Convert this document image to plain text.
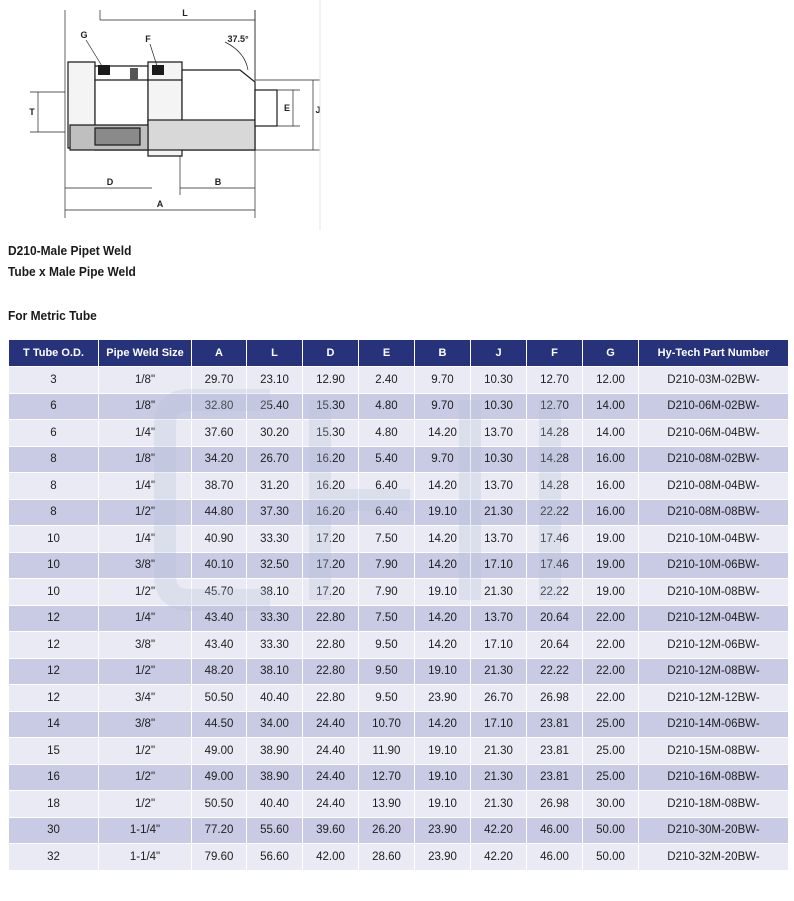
L
G	F	37.5°
T	E	J
D	B
A
D210-Male Pipet Weld
Tube x Male Pipe Weld
For Metric Tube
T Tube O.D.	Pipe Weld Size	A	L	D	E	B	J	F	G	Hy-Tech Part Number
3	1/8"	29.70	23.10	12.90	2.40	9.70	10.30	12.70	12.00	D210-03M-02BW-
6	1/8"	32.80	25.40	15.30	4.80	9.70	10.30	12.70	14.00	D210-06M-02BW-
6	1/4"	37.60	30.20	15.30	4.80	14.20	13.70	14.28	14.00	D210-06M-04BW-
8	1/8"	34.20	26.70	16.20	5.40	9.70	10.30	14.28	16.00	D210-08M-02BW-
8	1/4"	38.70	31.20	16.20	6.40	14.20	13.70	14.28	16.00	D210-08M-04BW-
8	1/2"	44.80	37.30	16.20	6.40	19.10	21.30	22.22	16.00	D210-08M-08BW-
10	1/4"	40.90	33.30	17.20	7.50	14.20	13.70	17.46	19.00	D210-10M-04BW-
10	3/8"	40.10	32.50	17.20	7.90	14.20	17.10	17.46	19.00	D210-10M-06BW-
10	1/2"	45.70	38.10	17.20	7.90	19.10	21.30	22.22	19.00	D210-10M-08BW-
12	1/4"	43.40	33.30	22.80	7.50	14.20	13.70	20.64	22.00	D210-12M-04BW-
12	3/8"	43.40	33.30	22.80	9.50	14.20	17.10	20.64	22.00	D210-12M-06BW-
12	1/2"	48.20	38.10	22.80	9.50	19.10	21.30	22.22	22.00	D210-12M-08BW-
12	3/4"	50.50	40.40	22.80	9.50	23.90	26.70	26.98	22.00	D210-12M-12BW-
14	3/8"	44.50	34.00	24.40	10.70	14.20	17.10	23.81	25.00	D210-14M-06BW-
15	1/2"	49.00	38.90	24.40	11.90	19.10	21.30	23.81	25.00	D210-15M-08BW-
16	1/2"	49.00	38.90	24.40	12.70	19.10	21.30	23.81	25.00	D210-16M-08BW-
18	1/2"	50.50	40.40	24.40	13.90	19.10	21.30	26.98	30.00	D210-18M-08BW-
30	1-1/4"	77.20	55.60	39.60	26.20	23.90	42.20	46.00	50.00	D210-30M-20BW-
32	1-1/4"	79.60	56.60	42.00	28.60	23.90	42.20	46.00	50.00	D210-32M-20BW-
